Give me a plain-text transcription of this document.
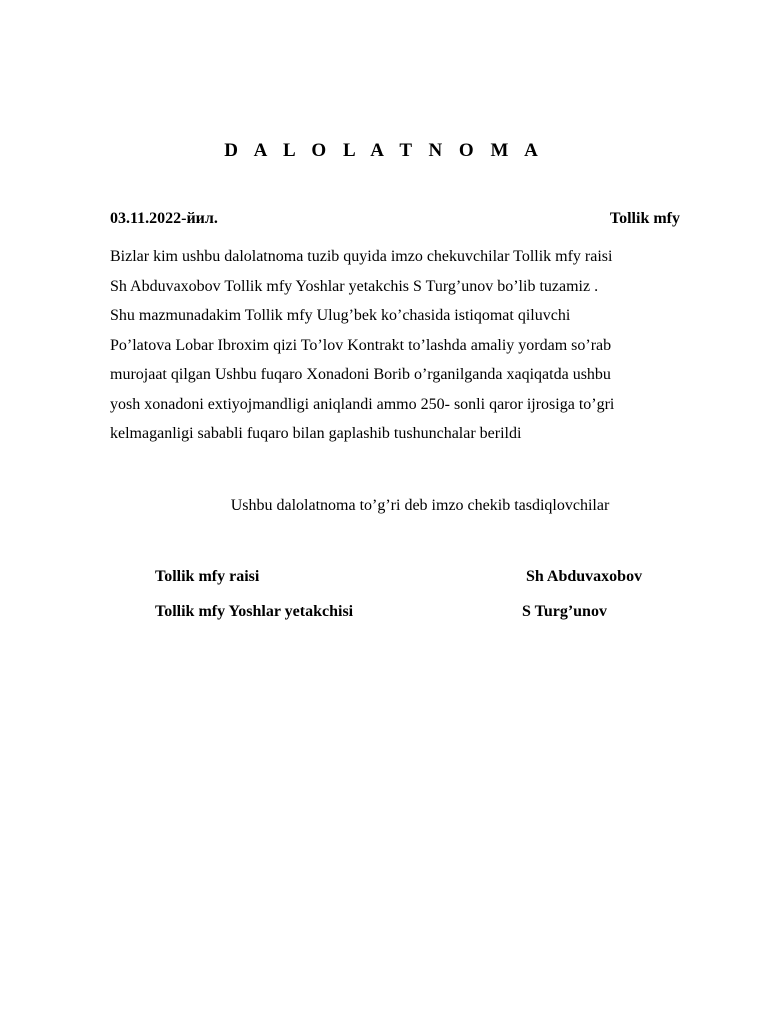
D A L O L A T N O M A
03.11.2022-йил.	Tollik mfy
Bizlar kim ushbu dalolatnoma tuzib quyida imzo chekuvchilar Tollik mfy raisi
Sh Abduvaxobov Tollik mfy Yoshlar yetakchis S Turg’unov bo’lib tuzamiz .
Shu mazmunadakim Tollik mfy Ulug’bek ko’chasida istiqomat qiluvchi
Po’latova Lobar Ibroxim qizi To’lov Kontrakt to’lashda amaliy yordam so’rab
murojaat qilgan Ushbu fuqaro Xonadoni Borib o’rganilganda xaqiqatda ushbu
yosh xonadoni extiyojmandligi aniqlandi ammo 250- sonli qaror ijrosiga to’gri
kelmaganligi sababli fuqaro bilan gaplashib tushunchalar berildi
Ushbu dalolatnoma to’g’ri deb imzo chekib tasdiqlovchilar
Tollik mfy raisi	Sh Abduvaxobov
Tollik mfy Yoshlar yetakchisi	S Turg’unov
